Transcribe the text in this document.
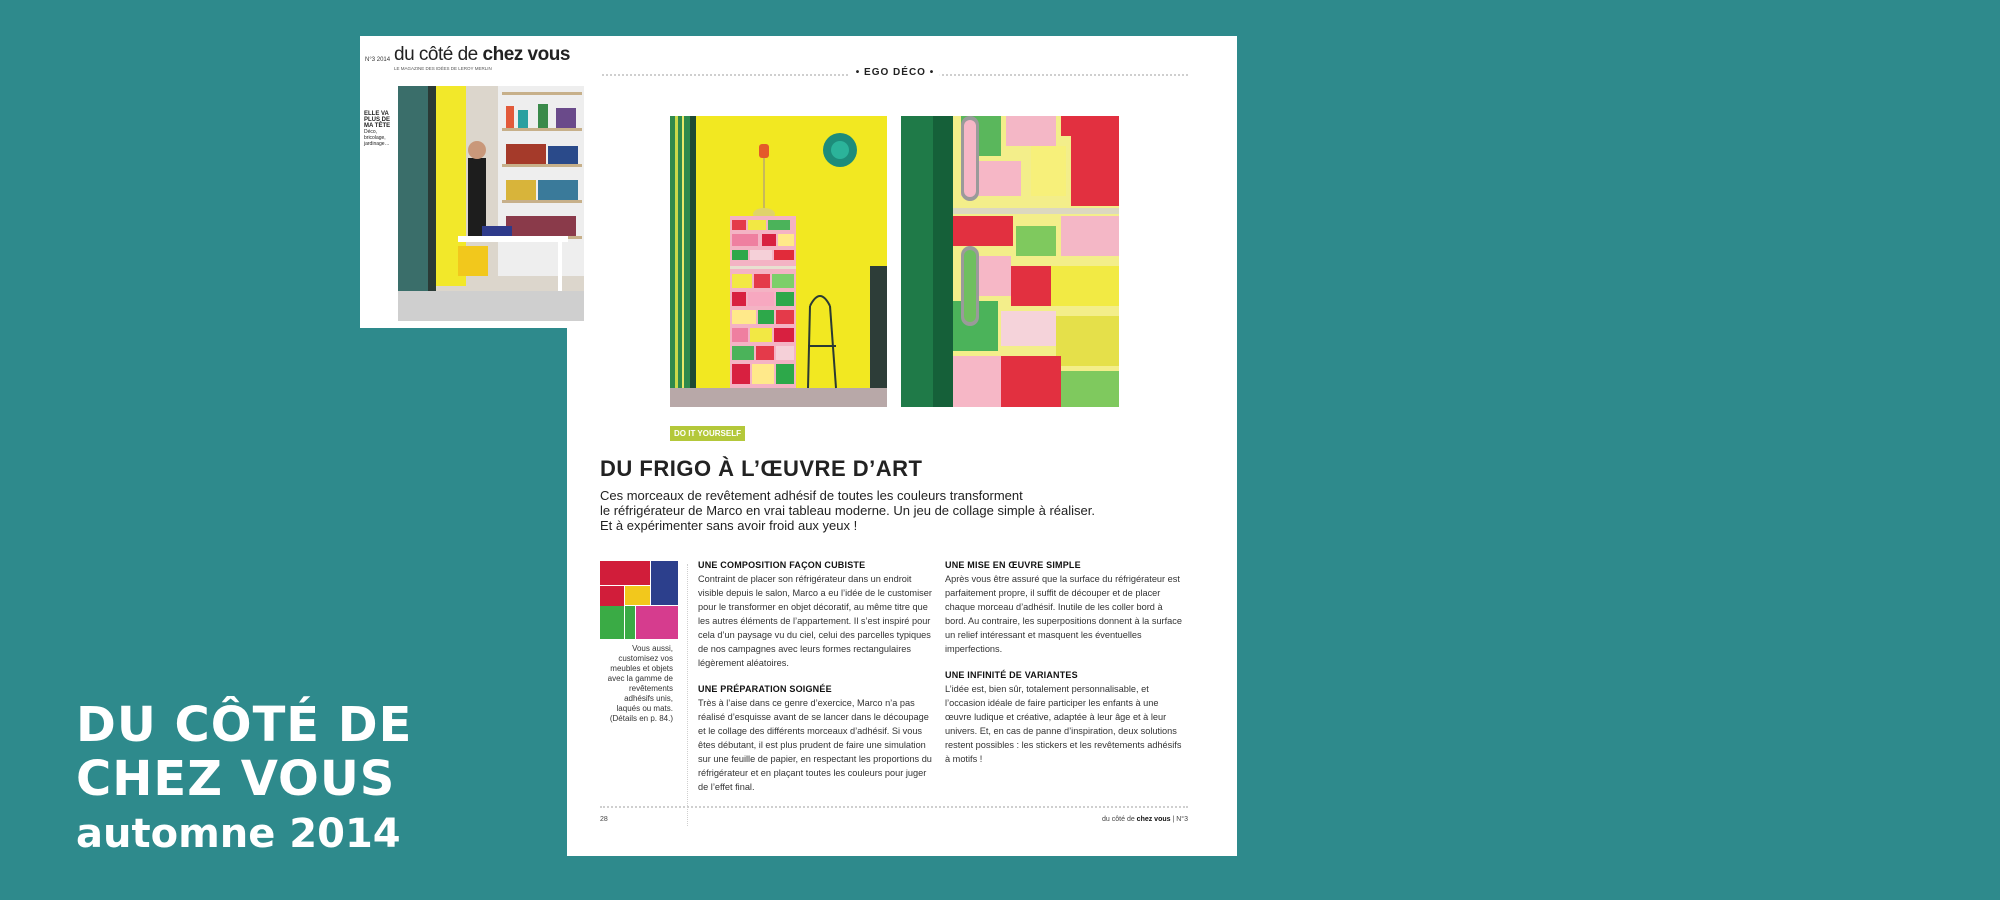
DU CÔTÉ DE
CHEZ VOUS
automne 2014
• EGO DÉCO •
DO IT YOURSELF
DU FRIGO À L’ŒUVRE D’ART
Ces morceaux de revêtement adhésif de toutes les couleurs transforment
le réfrigérateur de Marco en vrai tableau moderne. Un jeu de collage simple à réaliser.
Et à expérimenter sans avoir froid aux yeux !
Vous aussi, customisez vos meubles et objets avec la gamme de revêtements adhésifs unis, laqués ou mats. (Détails en p. 84.)
UNE COMPOSITION FAÇON CUBISTE

Contraint de placer son réfrigérateur dans un endroit visible depuis le salon, Marco a eu l’idée de le customiser pour le transformer en objet décoratif, au même titre que les autres éléments de l’appartement. Il s’est inspiré pour cela d’un paysage vu du ciel, celui des parcelles typiques de nos campagnes avec leurs formes rectangulaires légèrement aléatoires.

UNE PRÉPARATION SOIGNÉE

Très à l’aise dans ce genre d’exercice, Marco n’a pas réalisé d’esquisse avant de se lancer dans le découpage et le collage des différents morceaux d’adhésif. Si vous êtes débutant, il est plus prudent de faire une simulation sur une feuille de papier, en respectant les proportions du réfrigérateur et en plaçant toutes les couleurs pour juger de l’effet final.

UNE MISE EN ŒUVRE SIMPLE

Après vous être assuré que la surface du réfrigérateur est parfaitement propre, il suffit de découper et de placer chaque morceau d’adhésif. Inutile de les coller bord à bord. Au contraire, les superpositions donnent à la surface un relief intéressant et masquent les éventuelles imperfections.

UNE INFINITÉ DE VARIANTES

L’idée est, bien sûr, totalement personnalisable, et l’occasion idéale de faire participer les enfants à une œuvre ludique et créative, adaptée à leur âge et à leur univers. Et, en cas de panne d’inspiration, deux solutions restent possibles : les stickers et les revêtements adhésifs à motifs !

28	du côté de chez vous | N°3
N°3 2014 du côté de chez vous
LE MAGAZINE DES IDÉES DE LEROY MERLIN
ELLE VA PLUS DE MA TÊTE
Déco, bricolage, jardinage…
